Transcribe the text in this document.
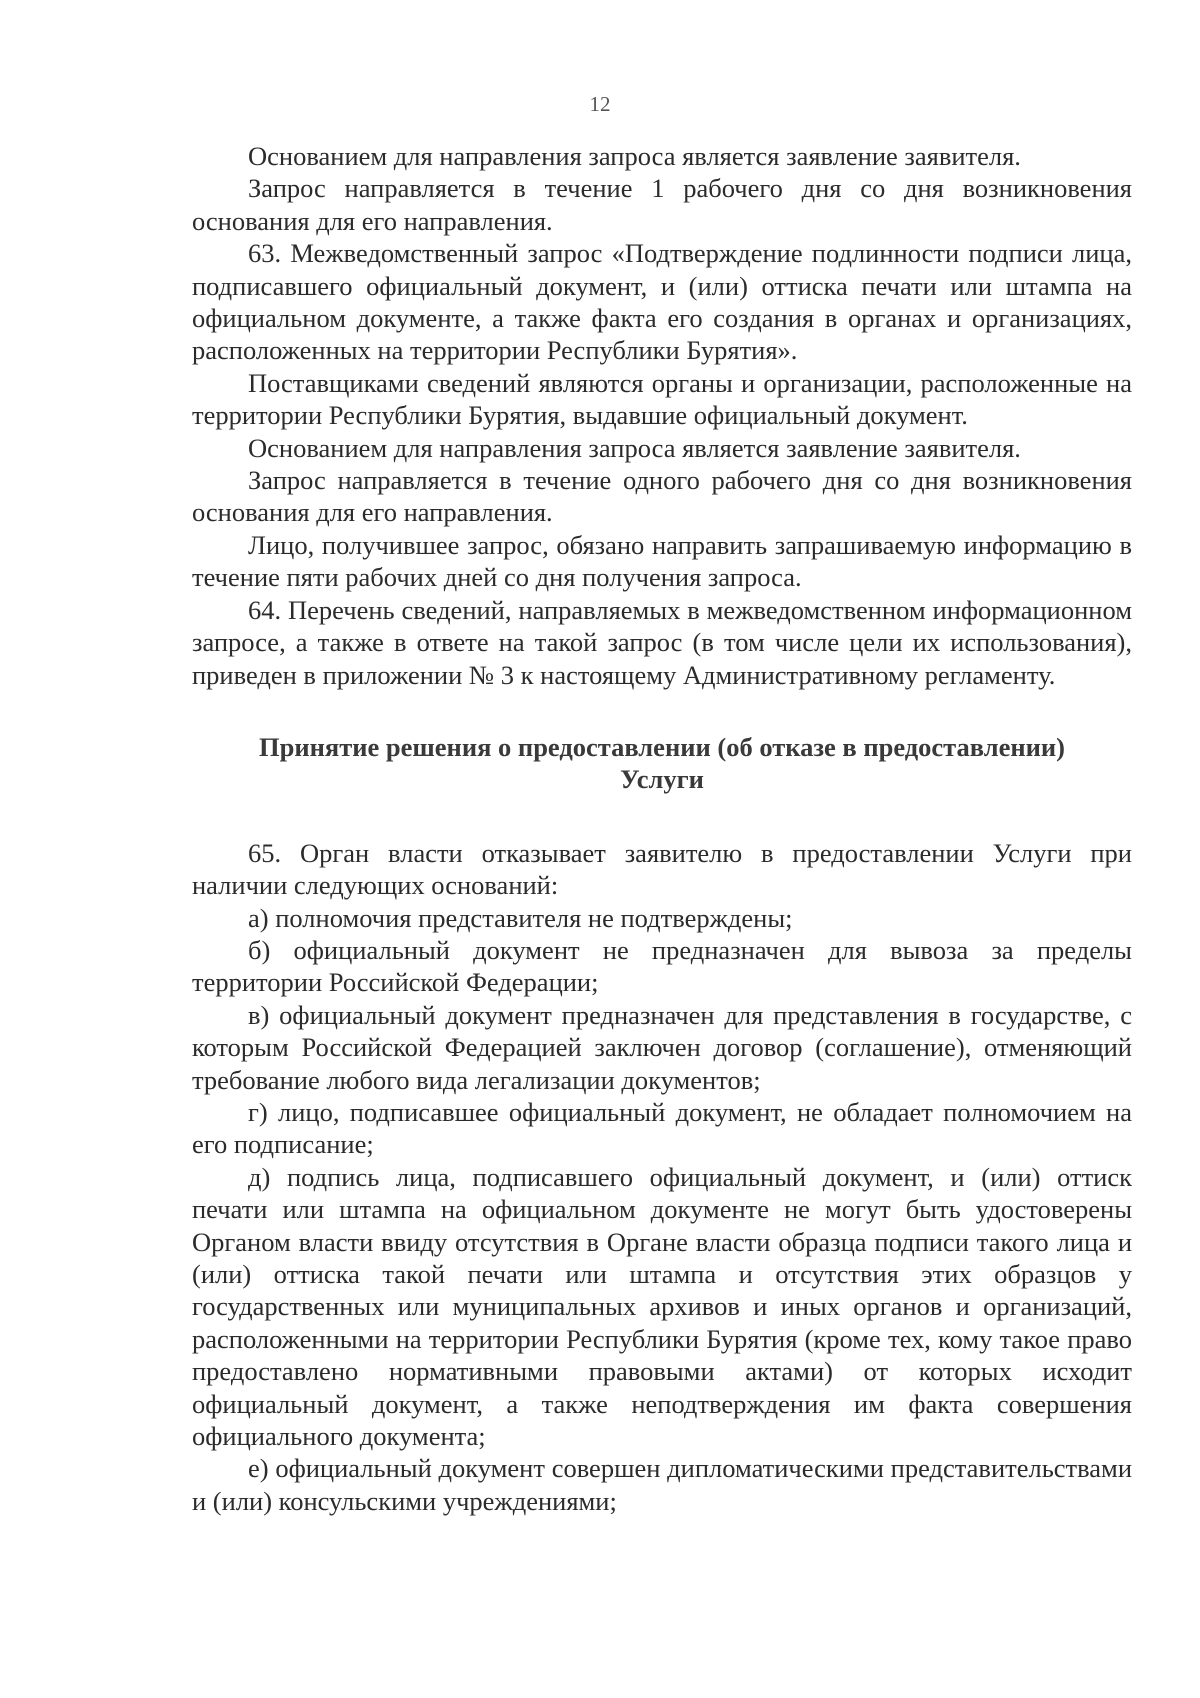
12

Основанием для направления запроса является заявление заявителя.

Запрос направляется в течение 1 рабочего дня со дня возникновения основания для его направления.

63. Межведомственный запрос «Подтверждение подлинности подписи лица, подписавшего официальный документ, и (или) оттиска печати или штампа на официальном документе, а также факта его создания в органах и организациях, расположенных на территории Республики Бурятия».

Поставщиками сведений являются органы и организации, расположенные на территории Республики Бурятия, выдавшие официальный документ.

Основанием для направления запроса является заявление заявителя.

Запрос направляется в течение одного рабочего дня со дня возникновения основания для его направления.

Лицо, получившее запрос, обязано направить запрашиваемую информацию в течение пяти рабочих дней со дня получения запроса.

64. Перечень сведений, направляемых в межведомственном информационном запросе, а также в ответе на такой запрос (в том числе цели их использования), приведен в приложении № 3 к настоящему Административному регламенту.

Принятие решения о предоставлении (об отказе в предоставлении)
Услуги

65. Орган власти отказывает заявителю в предоставлении Услуги при наличии следующих оснований:

а) полномочия представителя не подтверждены;

б) официальный документ не предназначен для вывоза за пределы территории Российской Федерации;

в) официальный документ предназначен для представления в государстве, с которым Российской Федерацией заключен договор (соглашение), отменяющий требование любого вида легализации документов;

г) лицо, подписавшее официальный документ, не обладает полномочием на его подписание;

д) подпись лица, подписавшего официальный документ, и (или) оттиск печати или штампа на официальном документе не могут быть удостоверены Органом власти ввиду отсутствия в Органе власти образца подписи такого лица и (или) оттиска такой печати или штампа и отсутствия этих образцов у государственных или муниципальных архивов и иных органов и организаций, расположенными на территории Республики Бурятия (кроме тех, кому такое право предоставлено нормативными правовыми актами) от которых исходит официальный документ, а также неподтверждения им факта совершения официального документа;

е) официальный документ совершен дипломатическими представительствами и (или) консульскими учреждениями;
